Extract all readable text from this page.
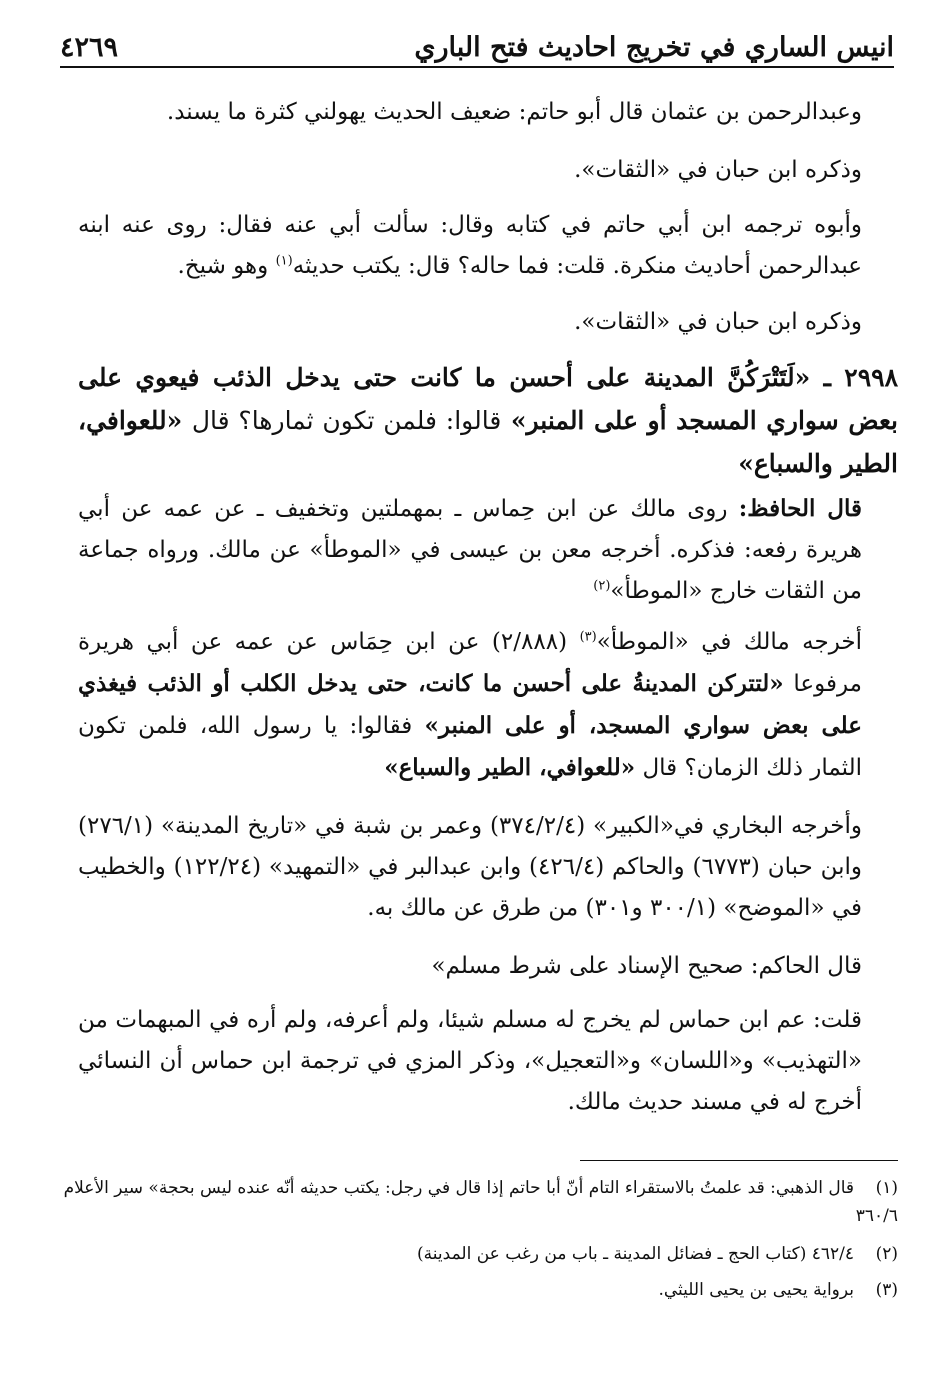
انيس الساري في تخريج احاديث فتح الباري
٤٢٦٩
وعبدالرحمن بن عثمان قال أبو حاتم: ضعيف الحديث يهولني كثرة ما يسند.
وذكره ابن حبان في «الثقات».
وأبوه ترجمه ابن أبي حاتم في كتابه وقال: سألت أبي عنه فقال: روى عنه ابنه عبدالرحمن أحاديث منكرة. قلت: فما حاله؟ قال: يكتب حديثه$^{(١)}$ وهو شيخ.
وذكره ابن حبان في «الثقات».
٢٩٩٨ ـ «لَتَتْرَكُنَّ المدينة على أحسن ما كانت حتى يدخل الذئب فيعوي على بعض سواري المسجد أو على المنبر» قالوا: فلمن تكون ثمارها؟ قال «للعوافي، الطير والسباع»
قال الحافظ: روى مالك عن ابن حِماس ـ بمهملتين وتخفيف ـ عن عمه عن أبي هريرة رفعه: فذكره. أخرجه معن بن عيسى في «الموطأ» عن مالك. ورواه جماعة من الثقات خارج «الموطأ»$^{(٢)}$
أخرجه مالك في «الموطأ»$^{(٣)}$ (٢/٨٨٨) عن ابن حِمَاس عن عمه عن أبي هريرة مرفوعا «لتتركن المدينةُ على أحسن ما كانت، حتى يدخل الكلب أو الذئب فيغذي على بعض سواري المسجد، أو على المنبر» فقالوا: يا رسول الله، فلمن تكون الثمار ذلك الزمان؟ قال «للعوافي، الطير والسباع»
وأخرجه البخاري في«الكبير» (٣٧٤/٢/٤) وعمر بن شبة في «تاريخ المدينة» (٢٧٦/١) وابن حبان (٦٧٧٣) والحاكم (٤٢٦/٤) وابن عبدالبر في «التمهيد» (١٢٢/٢٤) والخطيب في «الموضح» (٣٠٠/١ و٣٠١) من طرق عن مالك به.
قال الحاكم: صحيح الإسناد على شرط مسلم»
قلت: عم ابن حماس لم يخرج له مسلم شيئا، ولم أعرفه، ولم أره في المبهمات من «التهذيب» و«اللسان» و«التعجيل»، وذكر المزي في ترجمة ابن حماس أن النسائي أخرج له في مسند حديث مالك.
(١)قال الذهبي: قد علمتُ بالاستقراء التام أنّ أبا حاتم إذا قال في رجل: يكتب حديثه أنّه عنده ليس بحجة» سير الأعلام ٣٦٠/٦
(٢)٤٦٢/٤ (كتاب الحج ـ فضائل المدينة ـ باب من رغب عن المدينة)
(٣)برواية يحيى بن يحيى الليثي.
